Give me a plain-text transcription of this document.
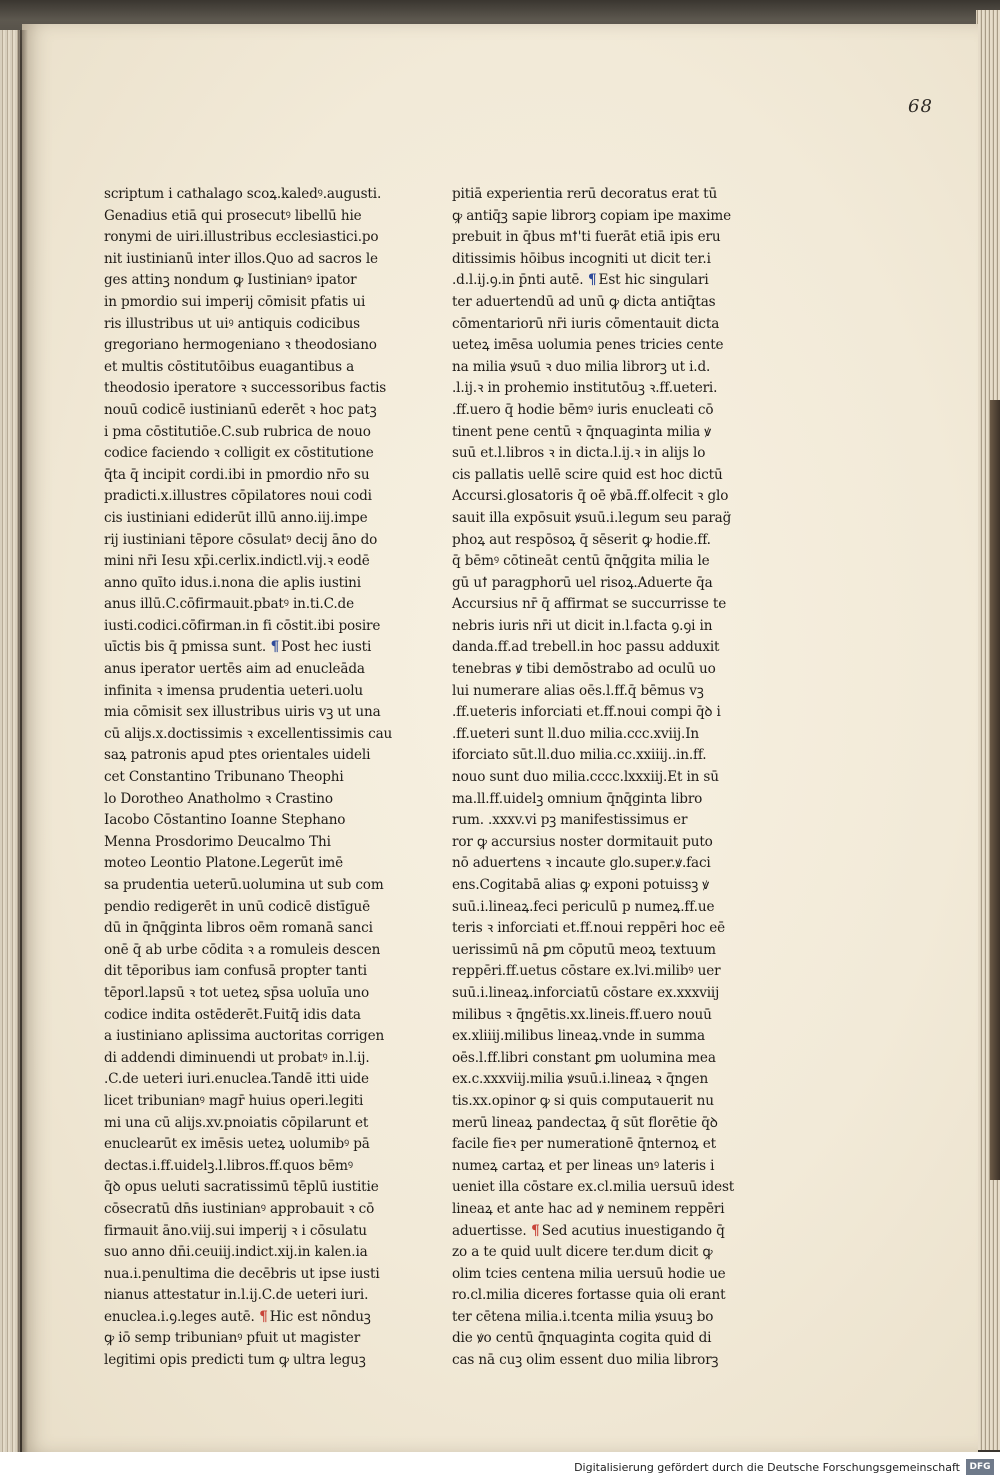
68
scriptum i cathalago scoꝝ.kaledꝰ.augusti.
Genadius etiā qui prosecutꝰ libellū hie
ronymi de uiri.illustribus ecclesiastici.po
nit iustinianū inter illos.Quo ad sacros le
ges attinꝫ nondum ꝙ Iustinianꝰ ipator
in pmordio sui imperij cōmisit pfatis ui
ris illustribus ut uiꝰ antiquis codicibus
gregoriano hermogeniano ꝛ theodosiano
et multis cōstitutōibus euagantibus a
theodosio iperatore ꝛ successoribus factis
nouū codicē iustinianū ederēt ꝛ hoc patꝫ
i pma cōstitutiōe.C.sub rubrica de nouo
codice faciendo ꝛ colligit ex cōstitutione
q̄ta q̄ incipit cordi.ibi in pmordio nr̄o su
pradicti.x.illustres cōpilatores noui codi
cis iustiniani ediderūt illū anno.iij.impe
rij iustiniani tēpore cōsulatꝰ decij āno do
mini nr̄i Iesu xp̄i.cerlix.indictl.vij.ꝛ eodē
anno quīto idus.i.nona die aplis iustini
anus illū.C.cōfirmauit.pbatꝰ in.ti.C.de
iusti.codici.cōfirman.in fi cōstit.ibi posire
uīctis bis q̄ pmissa sunt. ¶ Post hec iusti
anus iperator uertēs aim ad enucleāda
infinita ꝛ imensa prudentia ueteri.uolu
mia cōmisit sex illustribus uiris vꝫ ut una
cū alijs.x.doctissimis ꝛ excellentissimis cau
saꝝ patronis apud ptes orientales uideli
cet Constantino Tribunano Theophi
lo Dorotheo Anatholmo ꝛ Crastino
Iacobo Cōstantino Ioanne Stephano
Menna Prosdorimo Deucalmo Thi
moteo Leontio Platone.Legerūt imē
sa prudentia ueterū.uolumina ut sub com
pendio redigerēt in unū codicē distīguē
dū in q̄nq̄ginta libros oēm romanā sanci
onē q̄ ab urbe cōdita ꝛ a romuleis descen
dit tēporibus iam confusā propter tanti
tēporl.lapsū ꝛ tot ueteꝝ sp̄sa uoluīa uno
codice indita ostēderēt.Fuitq̄ idis data
a iustiniano aplissima auctoritas corrigen
di addendi diminuendi ut probatꝰ in.l.ij.
.C.de ueteri iuri.enuclea.Tandē itti uide
licet tribunianꝰ magr̄ huius operi.legiti
mi una cū alijs.xv.pnoiatis cōpilarunt et
enuclearūt ex imēsis ueteꝝ uolumibꝰ pā
dectas.i.ff.uidelꝫ.l.libros.ff.quos bēmꝰ
q̄ꝺ opus ueluti sacratissimū tēplū iustitie
cōsecratū dn̄s iustinianꝰ approbauit ꝛ cō
firmauit āno.viij.sui imperij ꝛ i cōsulatu
suo anno dn̄i.ceuiij.indict.xij.in kalen.ia
nua.i.penultima die decēbris ut ipse iusti
nianus attestatur in.l.ij.C.de ueteri iuri.
enuclea.i.ꝯ.leges autē. ¶ Hic est nōnduꝫ
ꝙ iō semp tribunianꝰ pfuit ut magister
legitimi opis predicti tum ꝙ ultra leguꝫ
pitiā experientia rerū decoratus erat tū
ꝙ antiq̄ꝫ sapie librorꝫ copiam ipe maxime
prebuit in q̄bus mꝉ'ti fuerāt etiā ipis eru
ditissimis hōibus incogniti ut dicit ter.i
.d.l.ij.ꝯ.in p̄nti autē. ¶ Est hic singulari
ter aduertendū ad unū ꝙ dicta antiq̄tas
cōmentariorū nr̄i iuris cōmentauit dicta
ueteꝝ imēsa uolumia penes tricies cente
na milia ꝟsuū ꝛ duo milia librorꝫ ut i.d.
.l.ij.ꝛ in prohemio institutōuꝫ ꝛ.ff.ueteri.
.ff.uero q̄ hodie bēmꝰ iuris enucleati cō
tinent pene centū ꝛ q̄nquaginta milia ꝟ
suū et.l.libros ꝛ in dicta.l.ij.ꝛ in alijs lo
cis pallatis uellē scire quid est hoc dictū
Accursi.glosatoris q̄ oē ꝟbā.ff.olfecit ꝛ glo
sauit illa expōsuit ꝟsuū.i.legum seu parag̈
phoꝝ aut respōsoꝝ q̄ sēserit ꝙ hodie.ff.
q̄ bēmꝰ cōtineāt centū q̄nq̄gita milia le
gū uꝉ paragphorū uel risoꝝ.Aduerte q̄a
Accursius nr̄ q̄ affirmat se succurrisse te
nebris iuris nr̄i ut dicit in.l.facta ꝯ.ꝯi in
danda.ff.ad trebell.in hoc passu adduxit
tenebras ꝟ tibi demōstrabo ad oculū uo
lui numerare alias oēs.l.ff.q̄ bēmus vꝫ
.ff.ueteris inforciati et.ff.noui compi q̄ꝺ i
.ff.ueteri sunt ll.duo milia.ccc.xviij.In
iforciato sūt.ll.duo milia.cc.xxiiij..in.ff.
nouo sunt duo milia.cccc.lxxxiij.Et in sū
ma.ll.ff.uidelꝫ omnium q̄nq̄ginta libro
rum. .xxxv.vi̇ pꝫ manifestissimus er
ror ꝙ accursius noster dormitauit puto
nō aduertens ꝛ incaute glo.super.ꝟ.faci
ens.Cogitabā alias ꝙ exponi potuissꝫ ꝟ
suū.i.lineaꝝ.feci periculū p numeꝝ.ff.ue
teris ꝛ inforciati et.ff.noui reppēri hoc eē
uerissimū nā ꝑm cōputū meoꝝ textuum
reppēri.ff.uetus cōstare ex.lvi.milibꝰ uer
suū.i.lineaꝝ.inforciatū cōstare ex.xxxviij
milibus ꝛ q̄ngētis.xx.lineis.ff.uero nouū
ex.xliiij.milibus lineaꝝ.vnde in summa
oēs.l.ff.libri constant ꝑm uolumina mea
ex.c.xxxviij.milia ꝟsuū.i.lineaꝝ ꝛ q̄ngen
tis.xx.opinor ꝙ si quis computauerit nu
merū lineaꝝ pandectaꝝ q̄ sūt florētie q̄ꝺ
facile fieꝛ per numerationē q̄nternoꝝ et
numeꝝ cartaꝝ et per lineas unꝰ lateris i
ueniet illa cōstare ex.cl.milia uersuū idest
lineaꝝ et ante hac ad ꝟ neminem reppēri
aduertisse. ¶ Sed acutius inuestigando q̄
zo a te quid uult dicere ter.dum dicit ꝙ
olim tcies centena milia uersuū hodie ue
ro.cl.milia diceres fortasse quia oli erant
ter cētena milia.i.tcenta milia ꝟsuuꝫ bo
die ꝟo centū q̄nquaginta cogita quid di
cas nā cuꝫ olim essent duo milia librorꝫ
Digitalisierung gefördert durch die Deutsche Forschungsgemeinschaft	DFG
